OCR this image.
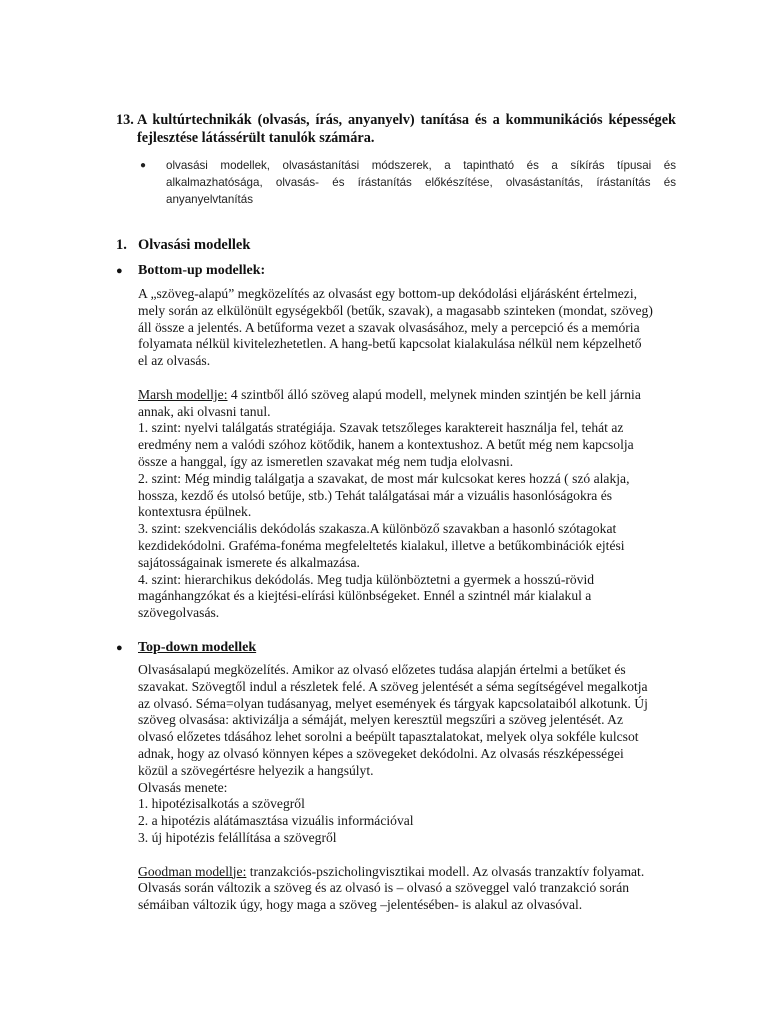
13. A kultúrtechnikák (olvasás, írás, anyanyelv) tanítása és a kommunikációs képességek fejlesztése látássérült tanulók számára.
● olvasási modellek, olvasástanítási módszerek, a tapintható és a síkírás típusai és alkalmazhatósága, olvasás- és írástanítás előkészítése, olvasástanítás, írástanítás és anyanyelvtanítás
1. Olvasási modellek
● Bottom-up modellek:

A „szöveg-alapú” megközelítés az olvasást egy bottom-up dekódolási eljárásként értelmezi,

mely során az elkülönült egységekből (betűk, szavak), a magasabb szinteken (mondat, szöveg)

áll össze a jelentés. A betűforma vezet a szavak olvasásához, mely a percepció és a memória

folyamata nélkül kivitelezhetetlen. A hang-betű kapcsolat kialakulása nélkül nem képzelhető

el az olvasás.

Marsh modellje: 4 szintből álló szöveg alapú modell, melynek minden szintjén be kell járnia

annak, aki olvasni tanul.

1. szint: nyelvi találgatás stratégiája. Szavak tetszőleges karaktereit használja fel, tehát az

eredmény nem a valódi szóhoz kötődik, hanem a kontextushoz. A betűt még nem kapcsolja

össze a hanggal, így az ismeretlen szavakat még nem tudja elolvasni.

2. szint: Még mindig találgatja a szavakat, de most már kulcsokat keres hozzá ( szó alakja,

hossza, kezdő és utolsó betűje, stb.) Tehát találgatásai már a vizuális hasonlóságokra és

kontextusra épülnek.

3. szint: szekvenciális dekódolás szakasza.A különböző szavakban a hasonló szótagokat

kezdidekódolni. Graféma-fonéma megfeleltetés kialakul, illetve a betűkombinációk ejtési

sajátosságainak ismerete és alkalmazása.

4. szint: hierarchikus dekódolás. Meg tudja különböztetni a gyermek a hosszú-rövid

magánhangzókat és a kiejtési-elírási különbségeket. Ennél a szintnél már kialakul a

szövegolvasás.

● Top-down modellek

Olvasásalapú megközelítés. Amikor az olvasó előzetes tudása alapján értelmi a betűket és

szavakat. Szövegtől indul a részletek felé. A szöveg jelentését a séma segítségével megalkotja

az olvasó. Séma=olyan tudásanyag, melyet események és tárgyak kapcsolataiból alkotunk. Új

szöveg olvasása: aktivizálja a sémáját, melyen keresztül megszűri a szöveg jelentését. Az

olvasó előzetes tdásához lehet sorolni a beépült tapasztalatokat, melyek olya sokféle kulcsot

adnak, hogy az olvasó könnyen képes a szövegeket dekódolni. Az olvasás részképességei

közül a szövegértésre helyezik a hangsúlyt.

Olvasás menete:

1. hipotézisalkotás a szövegről

2. a hipotézis alátámasztása vizuális információval

3. új hipotézis felállítása a szövegről

Goodman modellje: tranzakciós-pszicholingvisztikai modell. Az olvasás tranzaktív folyamat.

Olvasás során változik a szöveg és az olvasó is – olvasó a szöveggel való tranzakció során

sémáiban változik úgy, hogy maga a szöveg –jelentésében- is alakul az olvasóval.
